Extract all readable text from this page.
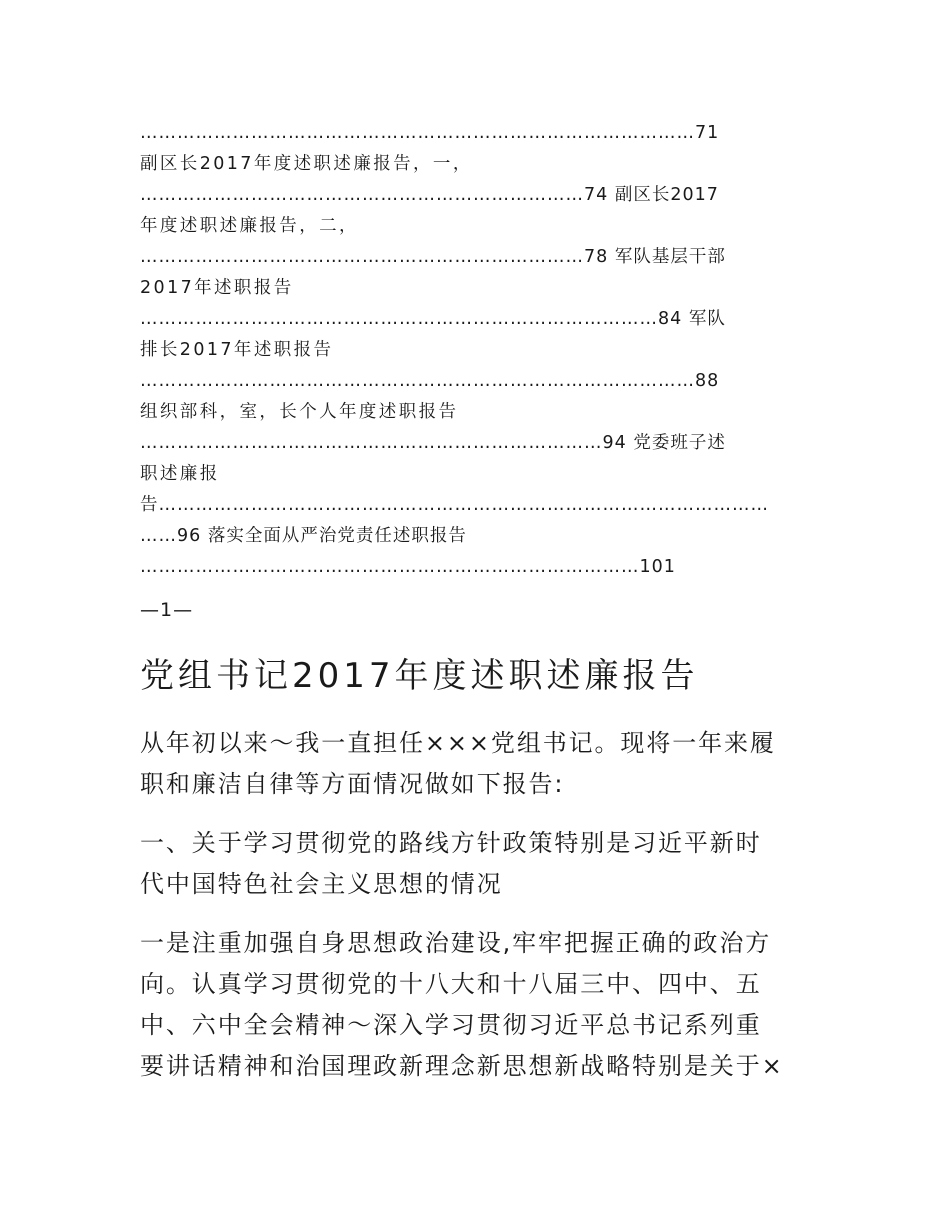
………………………………………………………………………………71
副区长2017年度述职述廉报告，一，
………………………………………………………………74 副区长2017
年度述职述廉报告，二，
………………………………………………………………78 军队基层干部
2017年述职报告
…………………………………………………………………………84 军队
排长2017年述职报告
………………………………………………………………………………88
组织部科，室，长个人年度述职报告
…………………………………………………………………94 党委班子述
职述廉报
告………………………………………………………………………………………
……96 落实全面从严治党责任述职报告
………………………………………………………………………101
—1—
党组书记2017年度述职述廉报告

从年初以来～我一直担任×××党组书记。现将一年来履
职和廉洁自律等方面情况做如下报告:

一、关于学习贯彻党的路线方针政策特别是习近平新时
代中国特色社会主义思想的情况

一是注重加强自身思想政治建设,牢牢把握正确的政治方
向。认真学习贯彻党的十八大和十八届三中、四中、五
中、六中全会精神～深入学习贯彻习近平总书记系列重
要讲话精神和治国理政新理念新思想新战略特别是关于×
